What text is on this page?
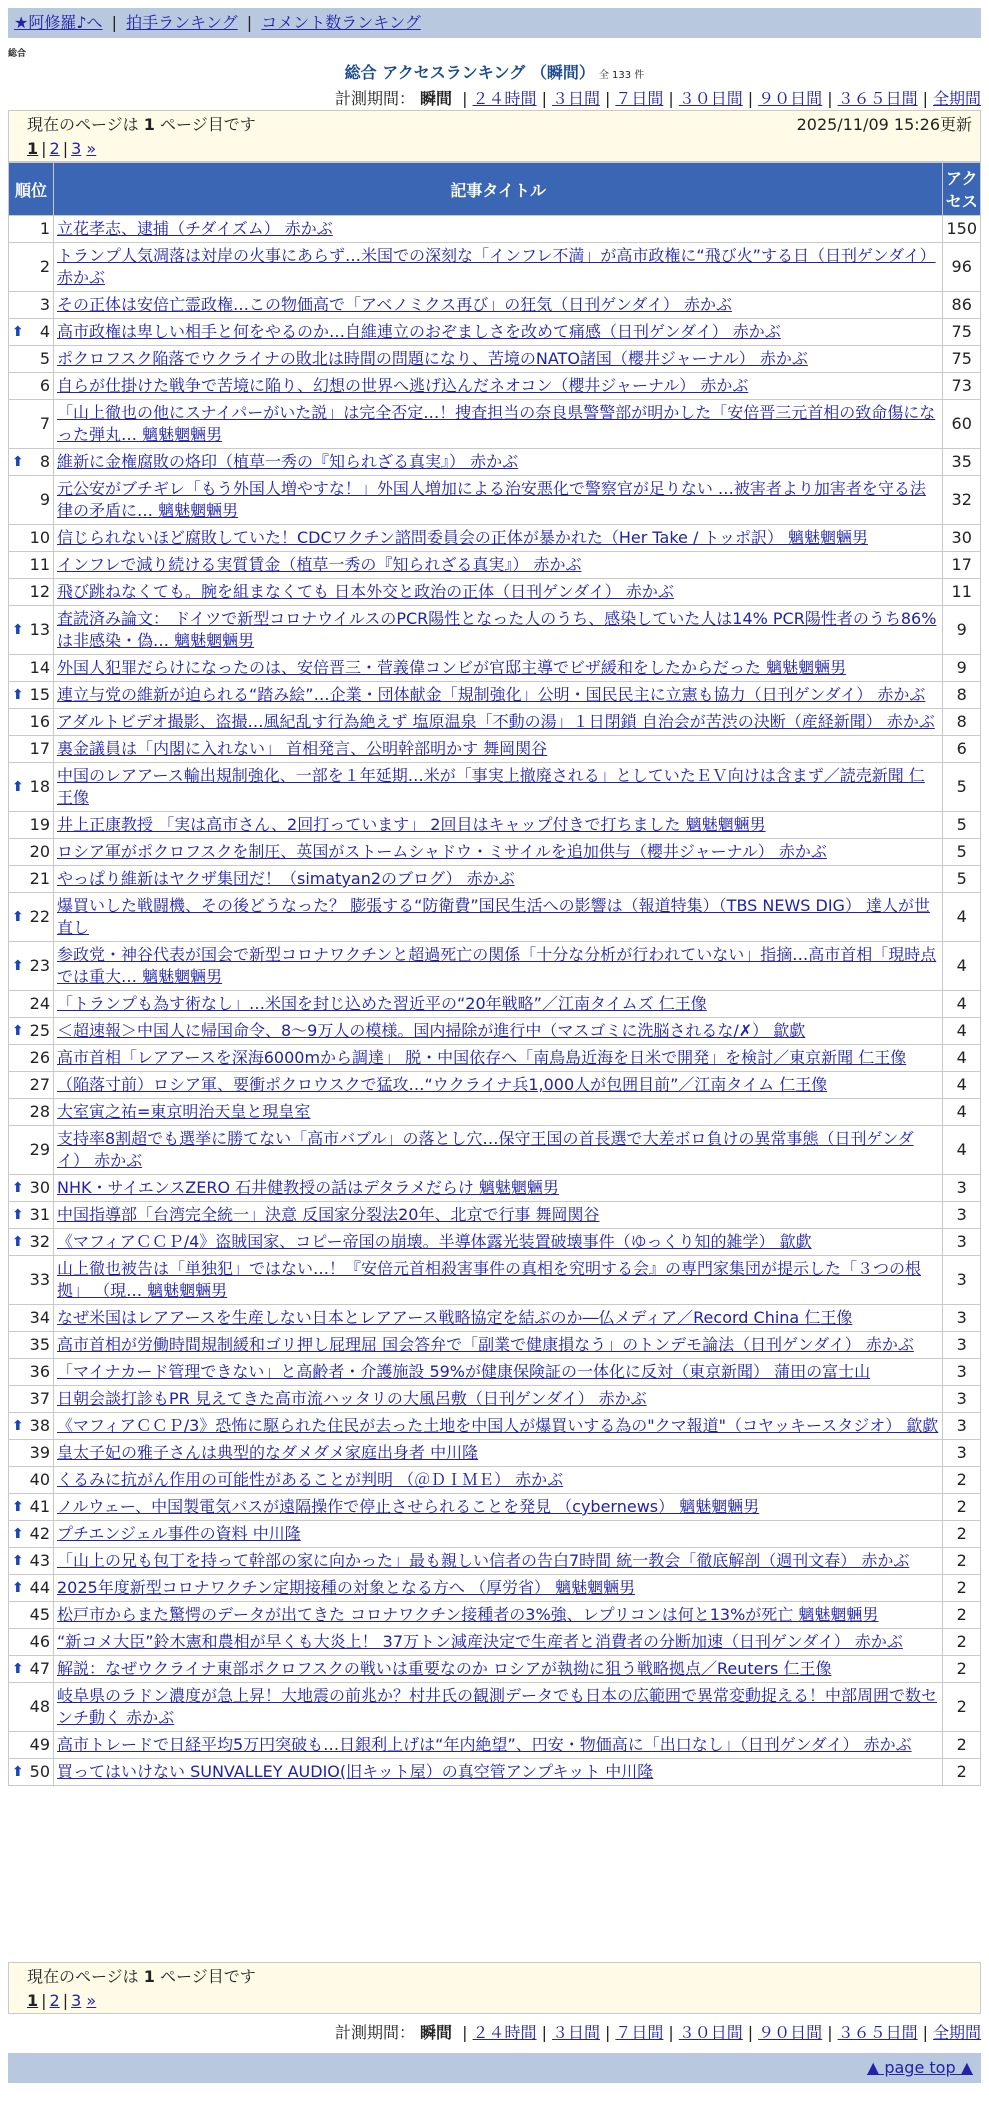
★阿修羅♪へ | 拍手ランキング | コメント数ランキング
総合
総合 アクセスランキング （瞬間） 全 133 件
計測期間： 瞬間 | ２４時間 | ３日間 | ７日間 | ３０日間 | ９０日間 | ３６５日間 | 全期間
現在のページは 1 ページ目です	2025/11/09 15:26更新
1 | 2 | 3 »
順位	記事タイトル	アクセス
1	立花孝志、逮捕（チダイズム） 赤かぶ	150
2	トランプ人気凋落は対岸の火事にあらず…米国での深刻な「インフレ不満」が高市政権に“飛び火”する日（日刊ゲンダイ） 赤かぶ	96
3	その正体は安倍亡霊政権…この物価高で「アベノミクス再び」の狂気（日刊ゲンダイ） 赤かぶ	86

⬆ 4	高市政権は卑しい相手と何をやるのか…自維連立のおぞましさを改めて痛感（日刊ゲンダイ） 赤かぶ	75
5	ポクロフスク陥落でウクライナの敗北は時間の問題になり、苦境のNATO諸国（櫻井ジャーナル） 赤かぶ	75
6	自らが仕掛けた戦争で苦境に陥り、幻想の世界へ逃げ込んだネオコン（櫻井ジャーナル） 赤かぶ	73
7	「山上徹也の他にスナイパーがいた説」は完全否定…！捜査担当の奈良県警警部が明かした「安倍晋三元首相の致命傷になった弾丸… 魑魅魍魎男	60

⬆ 8	維新に金権腐敗の烙印（植草一秀の『知られざる真実』） 赤かぶ	35
9	元公安がブチギレ「もう外国人増やすな！」外国人増加による治安悪化で警察官が足りない …被害者より加害者を守る法律の矛盾に… 魑魅魍魎男	32
10	信じられないほど腐敗していた！CDCワクチン諮問委員会の正体が暴かれた（Her Take / トッポ訳） 魑魅魍魎男	30
11	インフレで減り続ける実質賃金（植草一秀の『知られざる真実』） 赤かぶ	17
12	飛び跳ねなくても。腕を組まなくても 日本外交と政治の正体（日刊ゲンダイ） 赤かぶ	11

⬆ 13	査読済み論文： ドイツで新型コロナウイルスのPCR陽性となった人のうち、感染していた人は14% PCR陽性者のうち86%は非感染・偽… 魑魅魍魎男	9
14	外国人犯罪だらけになったのは、安倍晋三・菅義偉コンビが官邸主導でビザ緩和をしたからだった 魑魅魍魎男	9

⬆ 15	連立与党の維新が迫られる“踏み絵”…企業・団体献金「規制強化」公明・国民民主に立憲も協力（日刊ゲンダイ） 赤かぶ	8
16	アダルトビデオ撮影、盗撮…風紀乱す行為絶えず 塩原温泉「不動の湯」１日閉鎖 自治会が苦渋の決断（産経新聞） 赤かぶ	8
17	裏金議員は「内閣に入れない」 首相発言、公明幹部明かす 舞岡関谷	6

⬆ 18	中国のレアアース輸出規制強化、一部を１年延期…米が「事実上撤廃される」としていたＥＶ向けは含まず／読売新聞 仁王像	5
19	井上正康教授 「実は高市さん、2回打っています」 2回目はキャップ付きで打ちました 魑魅魍魎男	5
20	ロシア軍がポクロフスクを制圧、英国がストームシャドウ・ミサイルを追加供与（櫻井ジャーナル） 赤かぶ	5
21	やっぱり維新はヤクザ集団だ！（simatyan2のブログ） 赤かぶ	5

⬆ 22	爆買いした戦闘機、その後どうなった？ 膨張する“防衛費”国民生活への影響は（報道特集）（TBS NEWS DIG） 達人が世直し	4

⬆ 23	参政党・神谷代表が国会で新型コロナワクチンと超過死亡の関係「十分な分析が行われていない」指摘…高市首相「現時点では重大… 魑魅魍魎男	4
24	「トランプも為す術なし」…米国を封じ込めた習近平の“20年戦略”／江南タイムズ 仁王像	4

⬆ 25	＜超速報＞中国人に帰国命令、8～9万人の模様。国内掃除が進行中（マスゴミに洗脳されるな/✗） 歙歔	4
26	高市首相「レアアースを深海6000mから調達」 脱・中国依存へ「南鳥島近海を日米で開発」を検討／東京新聞 仁王像	4
27	（陥落寸前）ロシア軍、要衝ポクロウスクで猛攻…“ウクライナ兵1,000人が包囲目前”／江南タイム 仁王像	4
28	大室寅之祐=東京明治天皇と現皇室	4
29	支持率8割超でも選挙に勝てない「高市バブル」の落とし穴…保守王国の首長選で大差ボロ負けの異常事態（日刊ゲンダイ） 赤かぶ	4

⬆ 30	NHK・サイエンスZERO 石井健教授の話はデタラメだらけ 魑魅魍魎男	3

⬆ 31	中国指導部「台湾完全統一」決意 反国家分裂法20年、北京で行事 舞岡関谷	3

⬆ 32	《マフィアＣＣＰ/4》盗賊国家、コピー帝国の崩壊。半導体露光装置破壊事件（ゆっくり知的雑学） 歙歔	3
33	山上徹也被告は「単独犯」ではない…！『安倍元首相殺害事件の真相を究明する会』の専門家集団が提示した「３つの根拠」 （現… 魑魅魍魎男	3
34	なぜ米国はレアアースを生産しない日本とレアアース戦略協定を結ぶのか―仏メディア／Record China 仁王像	3
35	高市首相が労働時間規制緩和ゴリ押し屁理屈 国会答弁で「副業で健康損なう」のトンデモ論法（日刊ゲンダイ） 赤かぶ	3
36	「マイナカード管理できない」と高齢者・介護施設 59%が健康保険証の一体化に反対（東京新聞） 蒲田の富士山	3
37	日朝会談打診もPR 見えてきた高市流ハッタリの大風呂敷（日刊ゲンダイ） 赤かぶ	3

⬆ 38	《マフィアＣＣＰ/3》恐怖に駆られた住民が去った土地を中国人が爆買いする為の"クマ報道"（コヤッキースタジオ） 歙歔	3
39	皇太子妃の雅子さんは典型的なダメダメ家庭出身者 中川隆	3
40	くるみに抗がん作用の可能性があることが判明 （＠ＤＩＭＥ） 赤かぶ	2

⬆ 41	ノルウェー、中国製電気バスが遠隔操作で停止させられることを発見 （cybernews） 魑魅魍魎男	2

⬆ 42	プチエンジェル事件の資料 中川隆	2

⬆ 43	「山上の兄も包丁を持って幹部の家に向かった」最も親しい信者の告白7時間 統一教会「徹底解剖（週刊文春） 赤かぶ	2

⬆ 44	2025年度新型コロナワクチン定期接種の対象となる方へ （厚労省） 魑魅魍魎男	2
45	松戸市からまた驚愕のデータが出てきた コロナワクチン接種者の3%強、レプリコンは何と13%が死亡 魑魅魍魎男	2
46	“新コメ大臣”鈴木憲和農相が早くも大炎上！ 37万トン減産決定で生産者と消費者の分断加速（日刊ゲンダイ） 赤かぶ	2

⬆ 47	解説：なぜウクライナ東部ポクロフスクの戦いは重要なのか ロシアが執拗に狙う戦略拠点／Reuters 仁王像	2
48	岐阜県のラドン濃度が急上昇！大地震の前兆か？村井氏の観測データでも日本の広範囲で異常変動捉える！中部周囲で数センチ動く 赤かぶ	2
49	高市トレードで日経平均5万円突破も…日銀利上げは“年内絶望”、円安・物価高に「出口なし」（日刊ゲンダイ） 赤かぶ	2

⬆ 50	買ってはいけない SUNVALLEY AUDIO(旧キット屋）の真空管アンプキット 中川隆	2
現在のページは 1 ページ目です
1 | 2 | 3 »
計測期間： 瞬間 | ２４時間 | ３日間 | ７日間 | ３０日間 | ９０日間 | ３６５日間 | 全期間
▲ page top ▲
